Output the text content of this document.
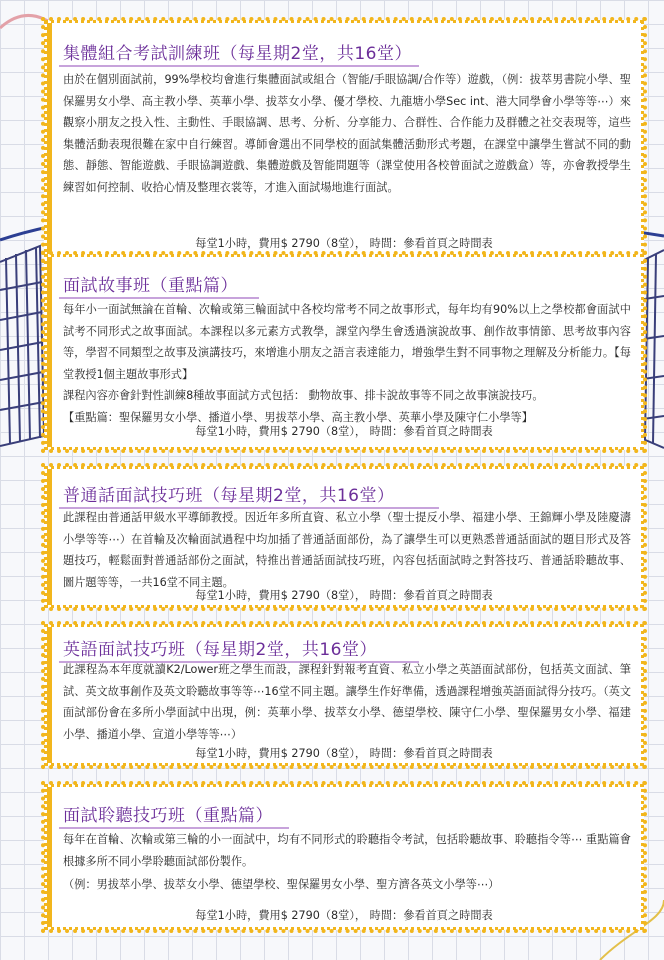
集體組合考試訓練班（每星期2堂，共16堂）

由於在個別面試前，99%學校均會進行集體面試或組合（智能/手眼協調/合作等）遊戲，（例：拔萃男書院小學、聖保羅男女小學、高主教小學、英華小學、拔萃女小學、優才學校、九龍塘小學Sec int、港大同學會小學等等⋯）來觀察小朋友之投入性、主動性、手眼協調、思考、分析、分享能力、合群性、合作能力及群體之社交表現等，這些集體活動表現很難在家中自行練習。導師會選出不同學校的面試集體活動形式考題，在課堂中讓學生嘗試不同的動態、靜態、智能遊戲、手眼協調遊戲、集體遊戲及智能問題等（課堂使用各校曾面試之遊戲盒）等，亦會教授學生練習如何控制、收拾心情及整理衣裳等，才進入面試場地進行面試。

每堂1小時，費用$ 2790（8堂）， 時間：參看首頁之時間表
面試故事班（重點篇）

每年小一面試無論在首輪、次輪或第三輪面試中各校均常考不同之故事形式，每年均有90%以上之學校都會面試中試考不同形式之故事面試。本課程以多元素方式教學，課堂內學生會透過演說故事、創作故事情節、思考故事內容等，學習不同類型之故事及演講技巧，來增進小朋友之語言表達能力，增強學生對不同事物之理解及分析能力。【每堂教授1個主題故事形式】

課程內容亦會針對性訓練8種故事面試方式包括： 動物故事、排卡說故事等不同之故事演說技巧。

【重點篇：聖保羅男女小學、播道小學、男拔萃小學、高主教小學、英華小學及陳守仁小學等】

每堂1小時，費用$ 2790（8堂）， 時間：參看首頁之時間表
普通話面試技巧班（每星期2堂，共16堂）

此課程由普通話甲級水平導師教授。因近年多所直資、私立小學（聖士提反小學、福建小學、王錦輝小學及陸慶濤小學等等⋯）在首輪及次輪面試過程中均加插了普通話面部份，為了讓學生可以更熟悉普通話面試的題目形式及答題技巧，輕鬆面對普通話部份之面試，特推出普通話面試技巧班，內容包括面試時之對答技巧、普通話聆聽故事、圖片題等等，一共16堂不同主題。

每堂1小時，費用$ 2790（8堂）， 時間：參看首頁之時間表
英語面試技巧班（每星期2堂，共16堂）

此課程為本年度就讀K2/Lower班之學生而設，課程針對報考直資、私立小學之英語面試部份，包括英文面試、筆試、英文故事創作及英文聆聽故事等等⋯16堂不同主題。讓學生作好準備，透過課程增強英語面試得分技巧。（英文面試部份會在多所小學面試中出現，例：英華小學、拔萃女小學、德望學校、陳守仁小學、聖保羅男女小學、福建小學、播道小學、宣道小學等等⋯）

每堂1小時，費用$ 2790（8堂）， 時間：參看首頁之時間表
面試聆聽技巧班（重點篇）

每年在首輪、次輪或第三輪的小一面試中，均有不同形式的聆聽指令考試，包括聆聽故事、聆聽指令等⋯ 重點篇會根據多所不同小學聆聽面試部份製作。

（例：男拔萃小學、拔萃女小學、德望學校、聖保羅男女小學、聖方濟各英文小學等⋯）

每堂1小時，費用$ 2790（8堂）， 時間：參看首頁之時間表
